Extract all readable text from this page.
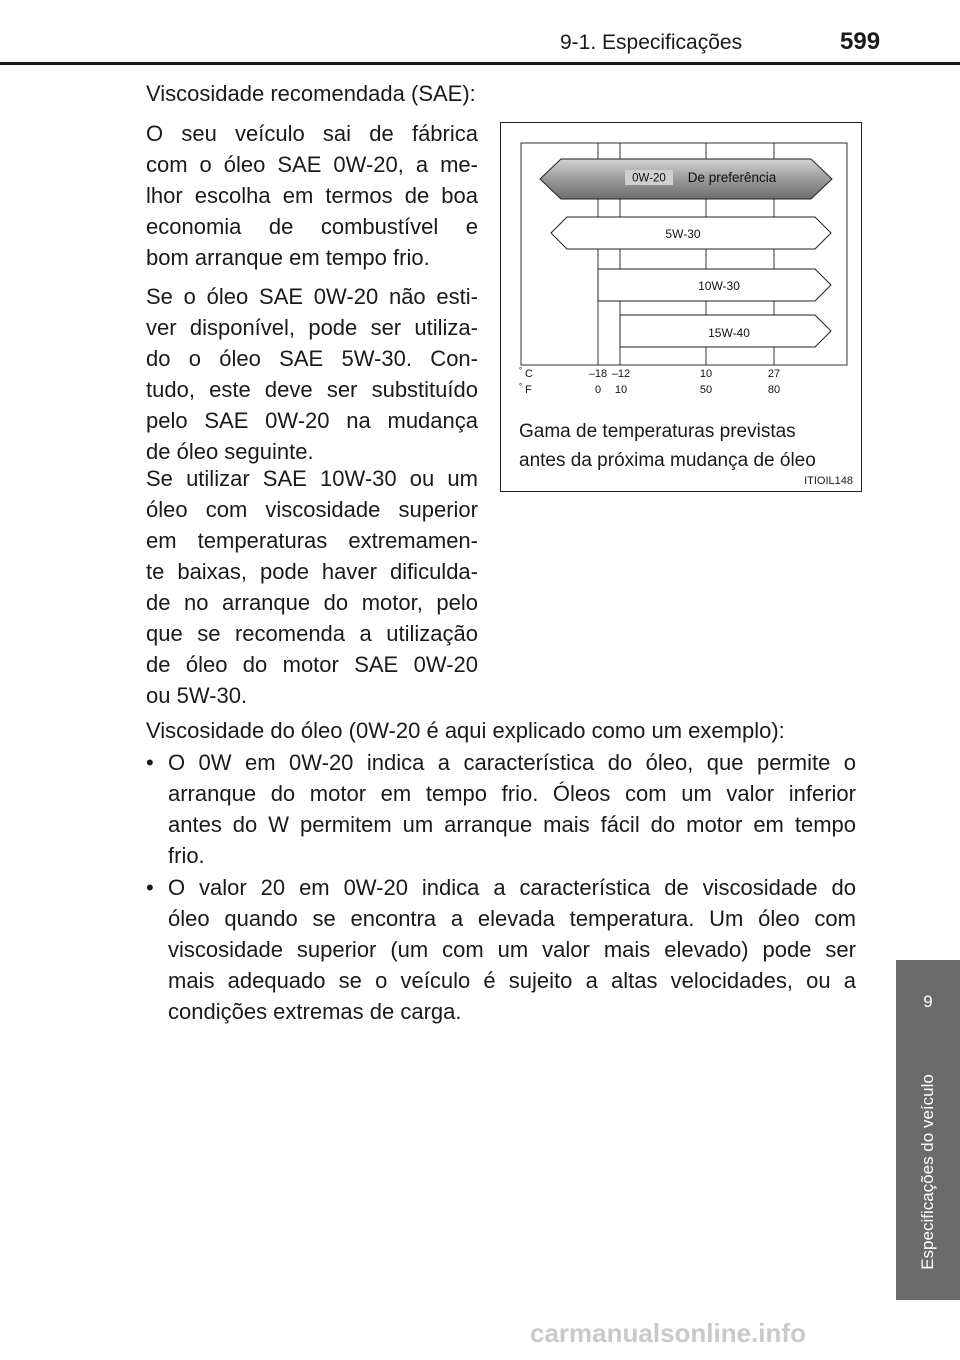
9-1. Especificações	599
9
Especificações do veículo
Viscosidade recomendada (SAE):
O seu veículo sai de fábrica
com o óleo SAE 0W-20, a me-
lhor escolha em termos de boa
economia de combustível e
bom arranque em tempo frio.
Se o óleo SAE 0W-20 não esti-
ver disponível, pode ser utiliza-
do o óleo SAE 5W-30. Con-
tudo, este deve ser substituído
pelo SAE 0W-20 na mudança
de óleo seguinte.
Se utilizar SAE 10W-30 ou um
óleo com viscosidade superior
em temperaturas extremamen-
te baixas, pode haver dificulda-
de no arranque do motor, pelo
que se recomenda a utilização
de óleo do motor SAE 0W-20
ou 5W-30.
0W-20 De preferência
5W-30
10W-30
15W-40
° C
° F
–18 –12	10	27
0 10	50	80
Gama de temperaturas previstas
antes da próxima mudança de óleo
ITIOIL148
Viscosidade do óleo (0W-20 é aqui explicado como um exemplo):
• O 0W em 0W-20 indica a característica do óleo, que permite o
arranque do motor em tempo frio. Óleos com um valor inferior
antes do W permitem um arranque mais fácil do motor em tempo
frio.
• O valor 20 em 0W-20 indica a característica de viscosidade do
óleo quando se encontra a elevada temperatura. Um óleo com
viscosidade superior (um com um valor mais elevado) pode ser
mais adequado se o veículo é sujeito a altas velocidades, ou a
condições extremas de carga.
carmanualsonline.info
